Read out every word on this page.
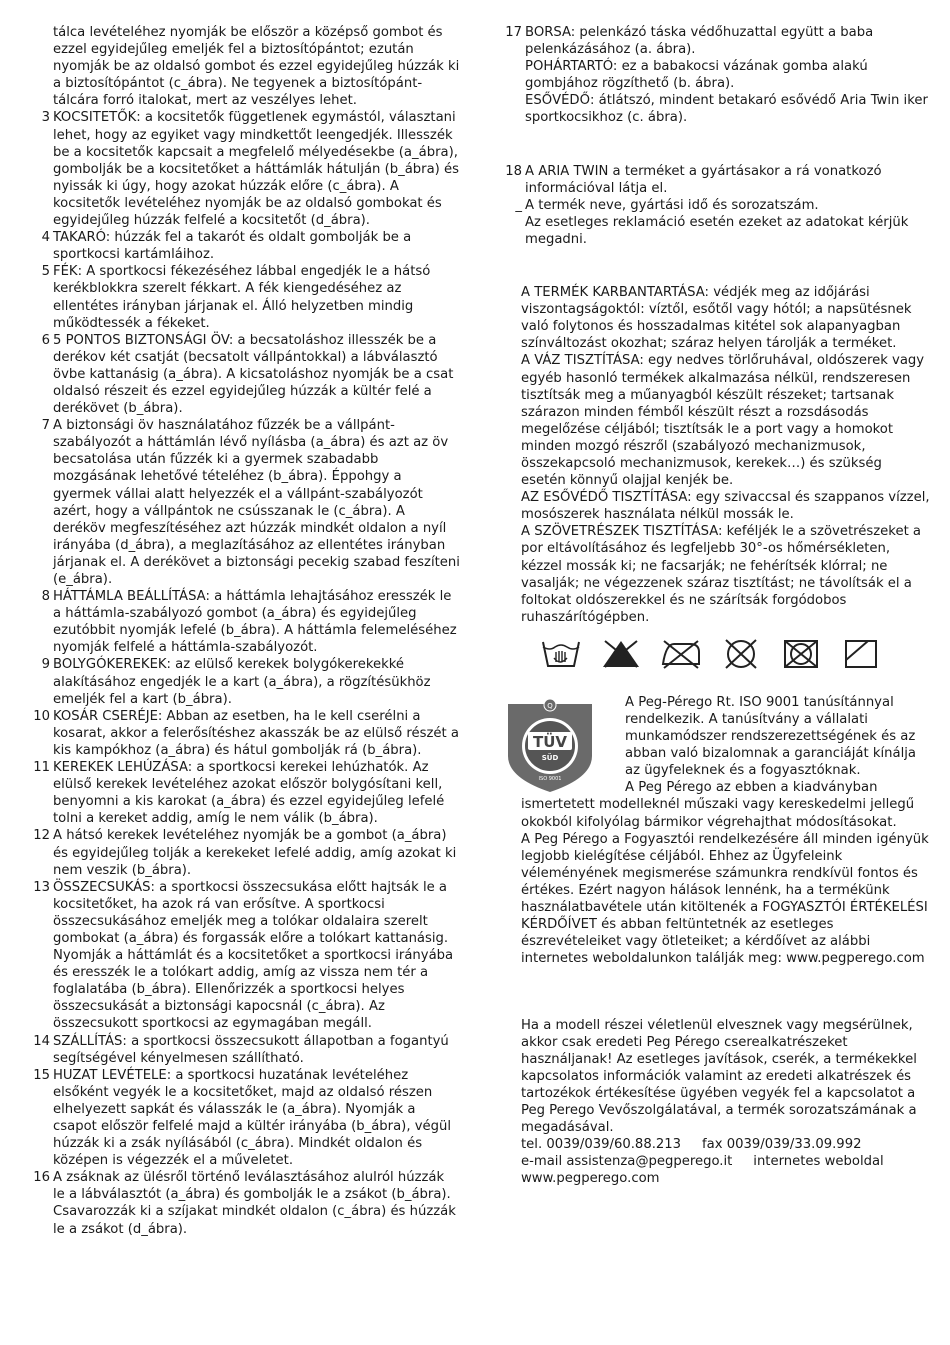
tálca levételéhez nyomják be először a középső gombot és ezzel egyidejűleg emeljék fel a biztosítópántot; ezután nyomják be az oldalsó gombot és ezzel egyidejűleg húzzák ki a biztosítópántot (c_ábra). Ne tegyenek a biztosítópánt-tálcára forró italokat, mert az veszélyes lehet.

3 KOCSITETŐK: a kocsitetők függetlenek egymástól, választani lehet, hogy az egyiket vagy mindkettőt leengedjék. Illesszék be a kocsitetők kapcsait a megfelelő mélyedésekbe (a_ábra), gombolják be a kocsitetőket a háttámlák hátulján (b_ábra) és nyissák ki úgy, hogy azokat húzzák előre (c_ábra). A kocsitetők levételéhez nyomják be az oldalsó gombokat és egyidejűleg húzzák felfelé a kocsitetőt (d_ábra).
4 TAKARÓ: húzzák fel a takarót és oldalt gombolják be a sportkocsi kartámláihoz.
5 FÉK: A sportkocsi fékezéséhez lábbal engedjék le a hátsó kerékblokkra szerelt fékkart. A fék kiengedéséhez az ellentétes irányban járjanak el. Álló helyzetben mindig működtessék a fékeket.
6 5 PONTOS BIZTONSÁGI ÖV: a becsatoláshoz illesszék be a derékov két csatját (becsatolt vállpántokkal) a lábválasztó övbe kattanásig (a_ábra). A kicsatoláshoz nyomják be a csat oldalsó részeit és ezzel egyidejűleg húzzák a kültér felé a derékövet (b_ábra).
7 A biztonsági öv használatához fűzzék be a vállpánt-szabályozót a háttámlán lévő nyílásba (a_ábra) és azt az öv becsatolása után fűzzék ki a gyermek szabadabb mozgásának lehetővé tételéhez (b_ábra). Éppohgy a gyermek vállai alatt helyezzék el a vállpánt-szabályozót azért, hogy a vállpántok ne csússzanak le (c_ábra). A deréköv megfeszítéséhez azt húzzák mindkét oldalon a nyíl irányába (d_ábra), a meglazításához az ellentétes irányban járjanak el. A derékövet a biztonsági pecekig szabad feszíteni (e_ábra).
8 HÁTTÁMLA BEÁLLÍTÁSA: a háttámla lehajtásához eresszék le a háttámla-szabályozó gombot (a_ábra) és egyidejűleg ezutóbbit nyomják lefelé (b_ábra). A háttámla felemeléséhez nyomják felfelé a háttámla-szabályozót.
9 BOLYGÓKEREKEK: az elülső kerekek bolygókerekekké alakításához engedjék le a kart (a_ábra), a rögzítésükhöz emeljék fel a kart (b_ábra).
10 KOSÁR CSERÉJE: Abban az esetben, ha le kell cserélni a kosarat, akkor a felerősítéshez akasszák be az elülső részét a kis kampókhoz (a_ábra) és hátul gombolják rá (b_ábra).
11 KEREKEK LEHÚZÁSA: a sportkocsi kerekei lehúzhatók. Az elülső kerekek levételéhez azokat először bolygósítani kell, benyomni a kis karokat (a_ábra) és ezzel egyidejűleg lefelé tolni a kereket addig, amíg le nem válik (b_ábra).
12 A hátsó kerekek levételéhez nyomják be a gombot (a_ábra) és egyidejűleg tolják a kerekeket lefelé addig, amíg azokat ki nem veszik (b_ábra).
13 ÖSSZECSUKÁS: a sportkocsi összecsukása előtt hajtsák le a kocsitetőket, ha azok rá van erősítve. A sportkocsi összecsukásához emeljék meg a tolókar oldalaira szerelt gombokat (a_ábra) és forgassák előre a tolókart kattanásig. Nyomják a háttámlát és a kocsitetőket a sportkocsi irányába és eresszék le a tolókart addig, amíg az vissza nem tér a foglalatába (b_ábra). Ellenőrizzék a sportkocsi helyes összecsukását a biztonsági kapocsnál (c_ábra). Az összecsukott sportkocsi az egymagában megáll.
14 SZÁLLÍTÁS: a sportkocsi összecsukott állapotban a fogantyú segítségével kényelmesen szállítható.
15 HUZAT LEVÉTELE: a sportkocsi huzatának levételéhez elsőként vegyék le a kocsitetőket, majd az oldalsó részen elhelyezett sapkát és válasszák le (a_ábra). Nyomják a csapot először felfelé majd a kültér irányába (b_ábra), végül húzzák ki a zsák nyílásából (c_ábra). Mindkét oldalon és középen is végezzék el a műveletet.
16 A zsáknak az ülésről történő leválasztásához alulról húzzák le a lábválasztót (a_ábra) és gombolják le a zsákot (b_ábra). Csavarozzák ki a szíjakat mindkét oldalon (c_ábra) és húzzák le a zsákot (d_ábra).
17 BORSA: pelenkázó táska védőhuzattal együtt a baba pelenkázásához (a. ábra).
POHÁRTARTÓ: ez a babakocsi vázának gomba alakú gombjához rögzíthető (b. ábra).
ESŐVÉDŐ: átlátszó, mindent betakaró esővédő Aria Twin iker sportkocsikhoz (c. ábra).
18 A ARIA TWIN a terméket a gyártásakor a rá vonatkozó információval látja el.
_ A termék neve, gyártási idő és sorozatszám.
Az esetleges reklamáció esetén ezeket az adatokat kérjük megadni.

A TERMÉK KARBANTARTÁSA: védjék meg az időjárási viszontagságoktól: víztől, esőtől vagy hótól; a napsütésnek való folytonos és hosszadalmas kitétel sok alapanyagban színváltozást okozhat; száraz helyen tárolják a terméket.

A VÁZ TISZTÍTÁSA: egy nedves törlőruhával, oldószerek vagy egyéb hasonló termékek alkalmazása nélkül, rendszeresen tisztítsák meg a műanyagból készült részeket; tartsanak szárazon minden fémből készült részt a rozsdásodás megelőzése céljából; tisztítsák le a port vagy a homokot minden mozgó részről (szabályozó mechanizmusok, összekapcsoló mechanizmusok, kerekek…) és szükség esetén könnyű olajjal kenjék be.

AZ ESŐVÉDŐ TISZTÍTÁSA: egy szivaccsal és szappanos vízzel, mosószerek használata nélkül mossák le.

A SZÖVETRÉSZEK TISZTÍTÁSA: keféljék le a szövetrészeket a por eltávolításához és legfeljebb 30°-os hőmérsékleten, kézzel mossák ki; ne facsarják; ne fehérítsék klórral; ne vasalják; ne végezzenek száraz tisztítást; ne távolítsák el a foltokat oldószerekkel és ne szárítsák forgódobos ruhaszárítógépben.

Q
TÜV
SÜD
ISO 9001
A Peg-Pérego Rt. ISO 9001 tanúsítánnyal rendelkezik. A tanúsítvány a vállalati munkamódszer rendszerezettségének és az abban való bizalomnak a garanciáját kínálja az ügyfeleknek és a fogyasztóknak.
A Peg Pérego az ebben a kiadványban

ismertetett modelleknél műszaki vagy kereskedelmi jellegű okokból kifolyólag bármikor végrehajthat módosításokat.

A Peg Pérego a Fogyasztói rendelkezésére áll minden igényük legjobb kielégítése céljából. Ehhez az Ügyfeleink véleményének megismerése számunkra rendkívül fontos és értékes. Ezért nagyon hálások lennénk, ha a termékünk használatbavétele után kitöltenék a FOGYASZTÓI ÉRTÉKELÉSI KÉRDŐÍVET és abban feltüntetnék az esetleges észrevételeiket vagy ötleteiket; a kérdőívet az alábbi internetes weboldalunkon találják meg: www.pegperego.com

Ha a modell részei véletlenül elvesznek vagy megsérülnek, akkor csak eredeti Peg Pérego cserealkatrészeket használjanak! Az esetleges javítások, cserék, a termékekkel kapcsolatos információk valamint az eredeti alkatrészek és tartozékok értékesítése ügyében vegyék fel a kapcsolatot a Peg Perego Vevőszolgálatával, a termék sorozatszámának a megadásával.

tel. 0039/039/60.88.213     fax 0039/039/33.09.992

e-mail assistenza@pegperego.it     internetes weboldal

www.pegperego.com
